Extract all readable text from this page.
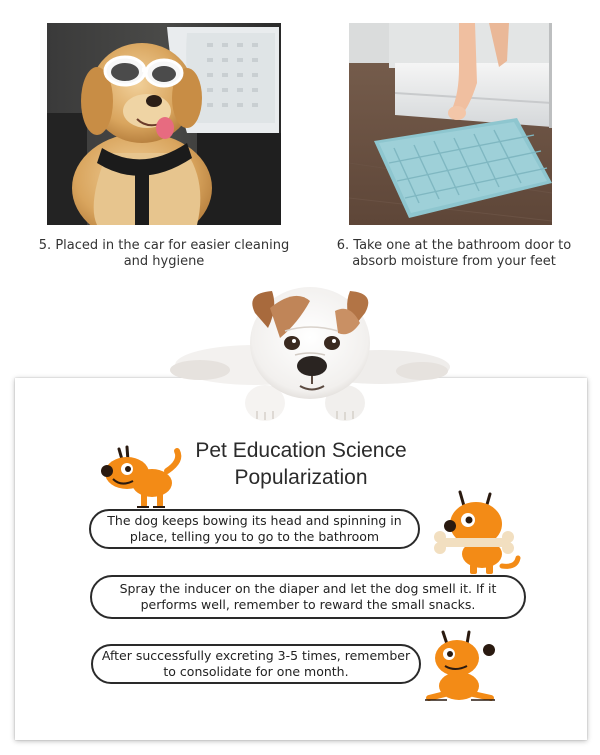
5. Placed in the car for easier cleaning and hygiene
6. Take one at the bathroom door to absorb moisture from your feet
Pet Education Science Popularization
The dog keeps bowing its head and spinning in place, telling you to go to the bathroom
Spray the inducer on the diaper and let the dog smell it. If it performs well, remember to reward the small snacks.
After successfully excreting 3-5 times, remember to consolidate for one month.
